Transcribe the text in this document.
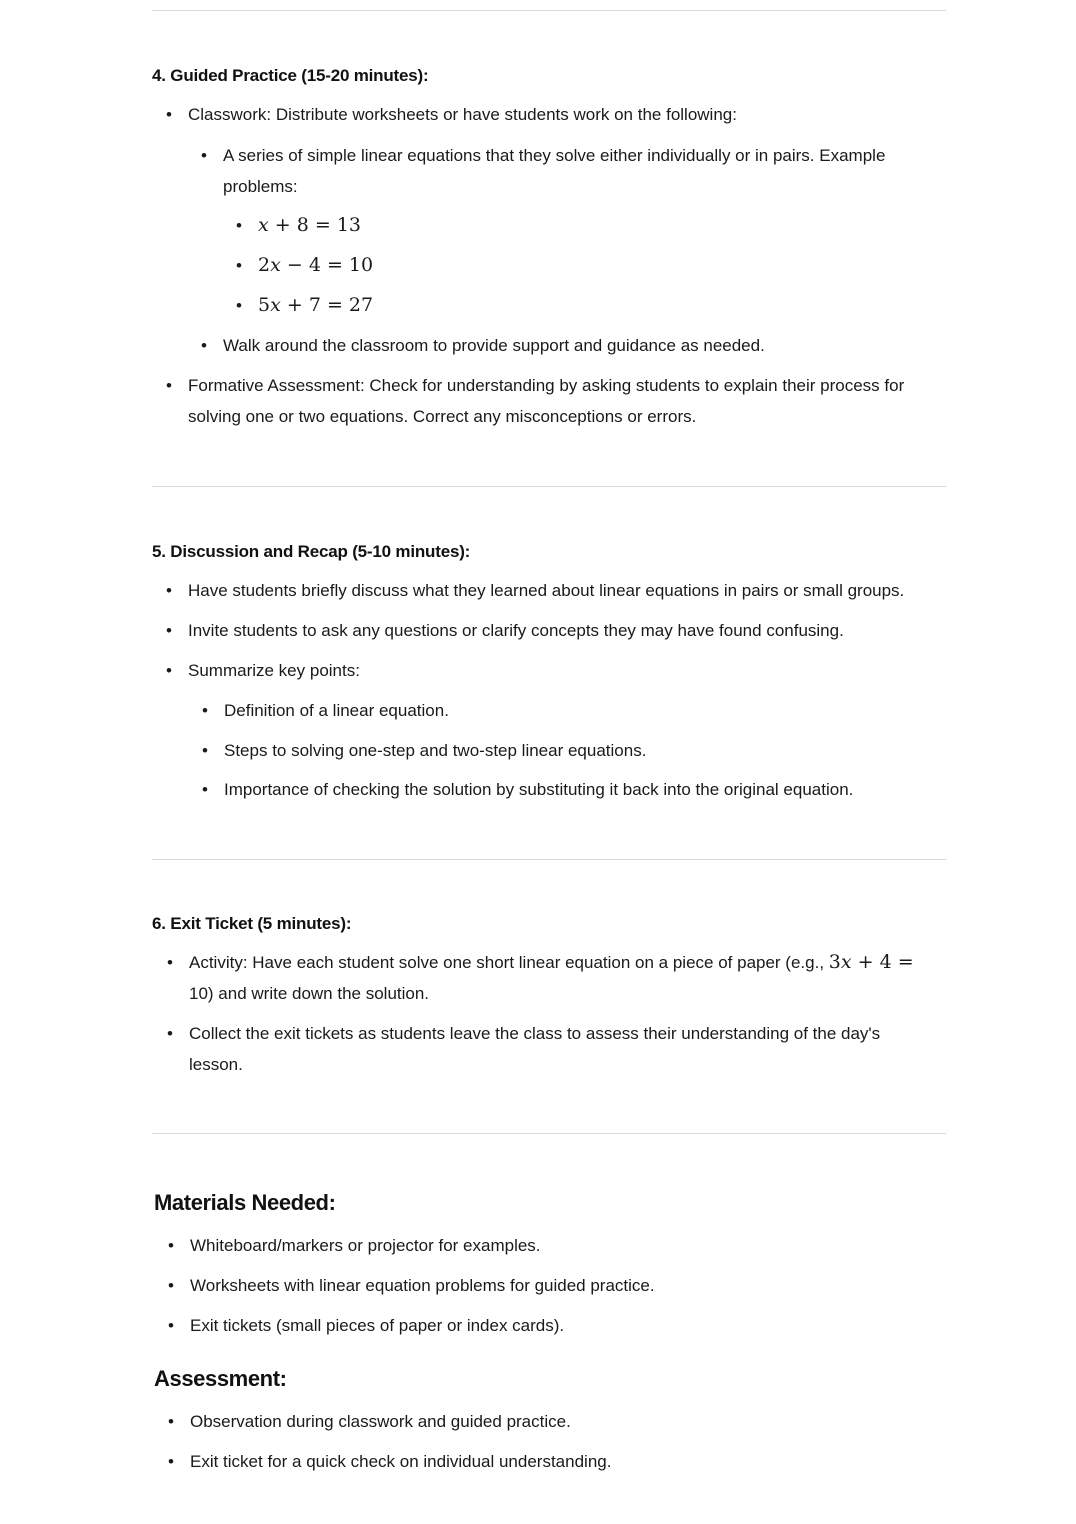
4. Guided Practice (15-20 minutes):
• Classwork: Distribute worksheets or have students work on the following:
• A series of simple linear equations that they solve either individually or in pairs. Example problems:
• x + 8 = 13
• 2x − 4 = 10
• 5x + 7 = 27
• Walk around the classroom to provide support and guidance as needed.
• Formative Assessment: Check for understanding by asking students to explain their process for solving one or two equations. Correct any misconceptions or errors.
5. Discussion and Recap (5-10 minutes):
• Have students briefly discuss what they learned about linear equations in pairs or small groups.
• Invite students to ask any questions or clarify concepts they may have found confusing.
• Summarize key points:
• Definition of a linear equation.
• Steps to solving one-step and two-step linear equations.
• Importance of checking the solution by substituting it back into the original equation.
6. Exit Ticket (5 minutes):
• Activity: Have each student solve one short linear equation on a piece of paper (e.g., 3x + 4 = 10) and write down the solution.
• Collect the exit tickets as students leave the class to assess their understanding of the day's lesson.
Materials Needed:
• Whiteboard/markers or projector for examples.
• Worksheets with linear equation problems for guided practice.
• Exit tickets (small pieces of paper or index cards).
Assessment:
• Observation during classwork and guided practice.
• Exit ticket for a quick check on individual understanding.
